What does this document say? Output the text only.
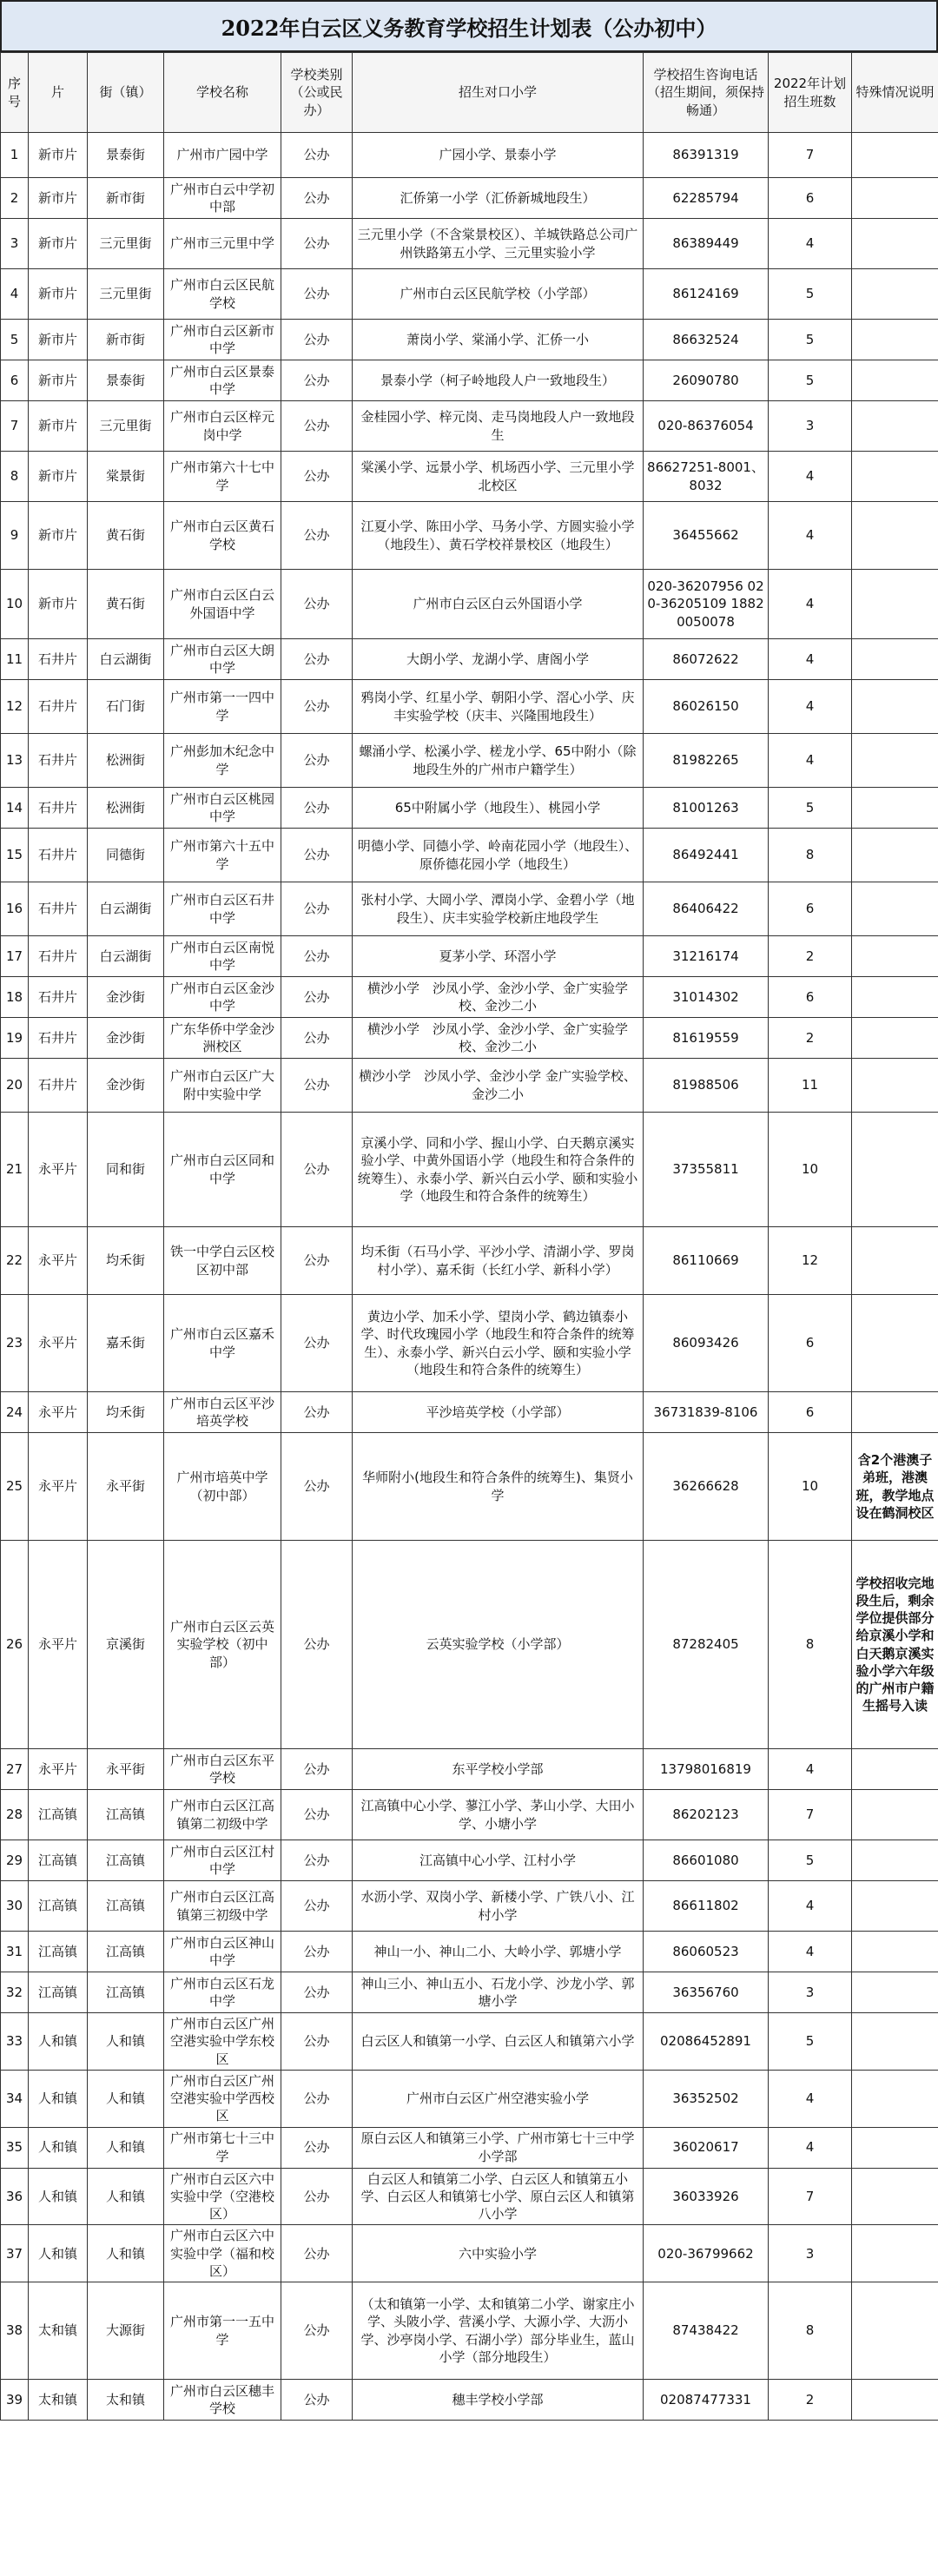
2022年白云区义务教育学校招生计划表（公办初中）
序号	片	街（镇）	学校名称	学校类别（公或民办）	招生对口小学	学校招生咨询电话（招生期间，须保持畅通）	2022年计划招生班数	特殊情况说明
1	新市片	景泰街	广州市广园中学	公办	广园小学、景泰小学	86391319	7	
2	新市片	新市街	广州市白云中学初中部	公办	汇侨第一小学（汇侨新城地段生）	62285794	6	
3	新市片	三元里街	广州市三元里中学	公办	三元里小学（不含棠景校区）、羊城铁路总公司广州铁路第五小学、三元里实验小学	86389449	4	
4	新市片	三元里街	广州市白云区民航学校	公办	广州市白云区民航学校（小学部）	86124169	5	
5	新市片	新市街	广州市白云区新市中学	公办	萧岗小学、棠涌小学、汇侨一小	86632524	5	
6	新市片	景泰街	广州市白云区景泰中学	公办	景泰小学（柯子岭地段人户一致地段生）	26090780	5	
7	新市片	三元里街	广州市白云区梓元岗中学	公办	金桂园小学、梓元岗、走马岗地段人户一致地段生	020-86376054	3	
8	新市片	棠景街	广州市第六十七中学	公办	棠溪小学、远景小学、机场西小学、三元里小学北校区	86627251-8001、8032	4	
9	新市片	黄石街	广州市白云区黄石学校	公办	江夏小学、陈田小学、马务小学、方圆实验小学（地段生）、黄石学校祥景校区（地段生）	36455662	4	
10	新市片	黄石街	广州市白云区白云外国语中学	公办	广州市白云区白云外国语小学	020-36207956 020-36205109 18820050078	4	
11	石井片	白云湖街	广州市白云区大朗中学	公办	大朗小学、龙湖小学、唐阁小学	86072622	4	
12	石井片	石门街	广州市第一一四中学	公办	鸦岗小学、红星小学、朝阳小学、滘心小学、庆丰实验学校（庆丰、兴隆围地段生）	86026150	4	
13	石井片	松洲街	广州彭加木纪念中学	公办	螺涌小学、松溪小学、槎龙小学、65中附小（除地段生外的广州市户籍学生）	81982265	4	
14	石井片	松洲街	广州市白云区桃园中学	公办	65中附属小学（地段生）、桃园小学	81001263	5	
15	石井片	同德街	广州市第六十五中学	公办	明德小学、同德小学、岭南花园小学（地段生）、原侨德花园小学（地段生）	86492441	8	
16	石井片	白云湖街	广州市白云区石井中学	公办	张村小学、大岡小学、潭岗小学、金碧小学（地段生）、庆丰实验学校新庄地段学生	86406422	6	
17	石井片	白云湖街	广州市白云区南悦中学	公办	夏茅小学、环滘小学	31216174	2	
18	石井片	金沙街	广州市白云区金沙中学	公办	横沙小学　沙凤小学、金沙小学、金广实验学校、金沙二小	31014302	6	
19	石井片	金沙街	广东华侨中学金沙洲校区	公办	横沙小学　沙凤小学、金沙小学、金广实验学校、金沙二小	81619559	2	
20	石井片	金沙街	广州市白云区广大附中实验中学	公办	横沙小学　沙凤小学、金沙小学 金广实验学校、金沙二小	81988506	11	
21	永平片	同和街	广州市白云区同和中学	公办	京溪小学、同和小学、握山小学、白天鹅京溪实验小学、中黄外国语小学（地段生和符合条件的统筹生）、永泰小学、新兴白云小学、颐和实验小学（地段生和符合条件的统筹生）	37355811	10	
22	永平片	均禾街	铁一中学白云区校区初中部	公办	均禾街（石马小学、平沙小学、清湖小学、罗岗村小学）、嘉禾街（长红小学、新科小学）	86110669	12	
23	永平片	嘉禾街	广州市白云区嘉禾中学	公办	黄边小学、加禾小学、望岗小学、鹤边镇泰小学、时代玫瑰园小学（地段生和符合条件的统筹生）、永泰小学、新兴白云小学、颐和实验小学（地段生和符合条件的统筹生）	86093426	6	
24	永平片	均禾街	广州市白云区平沙培英学校	公办	平沙培英学校（小学部）	36731839-8106	6	
25	永平片	永平街	广州市培英中学（初中部）	公办	华师附小(地段生和符合条件的统筹生)、集贤小学	36266628	10	含2个港澳子弟班，港澳班，教学地点设在鹤洞校区
26	永平片	京溪街	广州市白云区云英实验学校（初中部）	公办	云英实验学校（小学部）	87282405	8	学校招收完地段生后，剩余学位提供部分给京溪小学和白天鹅京溪实验小学六年级的广州市户籍生摇号入读
27	永平片	永平街	广州市白云区东平学校	公办	东平学校小学部	13798016819	4	
28	江高镇	江高镇	广州市白云区江高镇第二初级中学	公办	江高镇中心小学、蓼江小学、茅山小学、大田小学、小塘小学	86202123	7	
29	江高镇	江高镇	广州市白云区江村中学	公办	江高镇中心小学、江村小学	86601080	5	
30	江高镇	江高镇	广州市白云区江高镇第三初级中学	公办	水沥小学、双岗小学、新楼小学、广铁八小、江村小学	86611802	4	
31	江高镇	江高镇	广州市白云区神山中学	公办	神山一小、神山二小、大岭小学、郭塘小学	86060523	4	
32	江高镇	江高镇	广州市白云区石龙中学	公办	神山三小、神山五小、石龙小学、沙龙小学、郭塘小学	36356760	3	
33	人和镇	人和镇	广州市白云区广州空港实验中学东校区	公办	白云区人和镇第一小学、白云区人和镇第六小学	02086452891	5	
34	人和镇	人和镇	广州市白云区广州空港实验中学西校区	公办	广州市白云区广州空港实验小学	36352502	4	
35	人和镇	人和镇	广州市第七十三中学	公办	原白云区人和镇第三小学、广州市第七十三中学小学部	36020617	4	
36	人和镇	人和镇	广州市白云区六中实验中学（空港校区）	公办	白云区人和镇第二小学、白云区人和镇第五小学、白云区人和镇第七小学、原白云区人和镇第八小学	36033926	7	
37	人和镇	人和镇	广州市白云区六中实验中学（福和校区）	公办	六中实验小学	020-36799662	3	
38	太和镇	大源街	广州市第一一五中学	公办	（太和镇第一小学、太和镇第二小学、谢家庄小学、头陂小学、营溪小学、大源小学、大沥小学、沙亭岗小学、石湖小学）部分毕业生，蓝山小学（部分地段生）	87438422	8	
39	太和镇	太和镇	广州市白云区穗丰学校	公办	穗丰学校小学部	02087477331	2	
